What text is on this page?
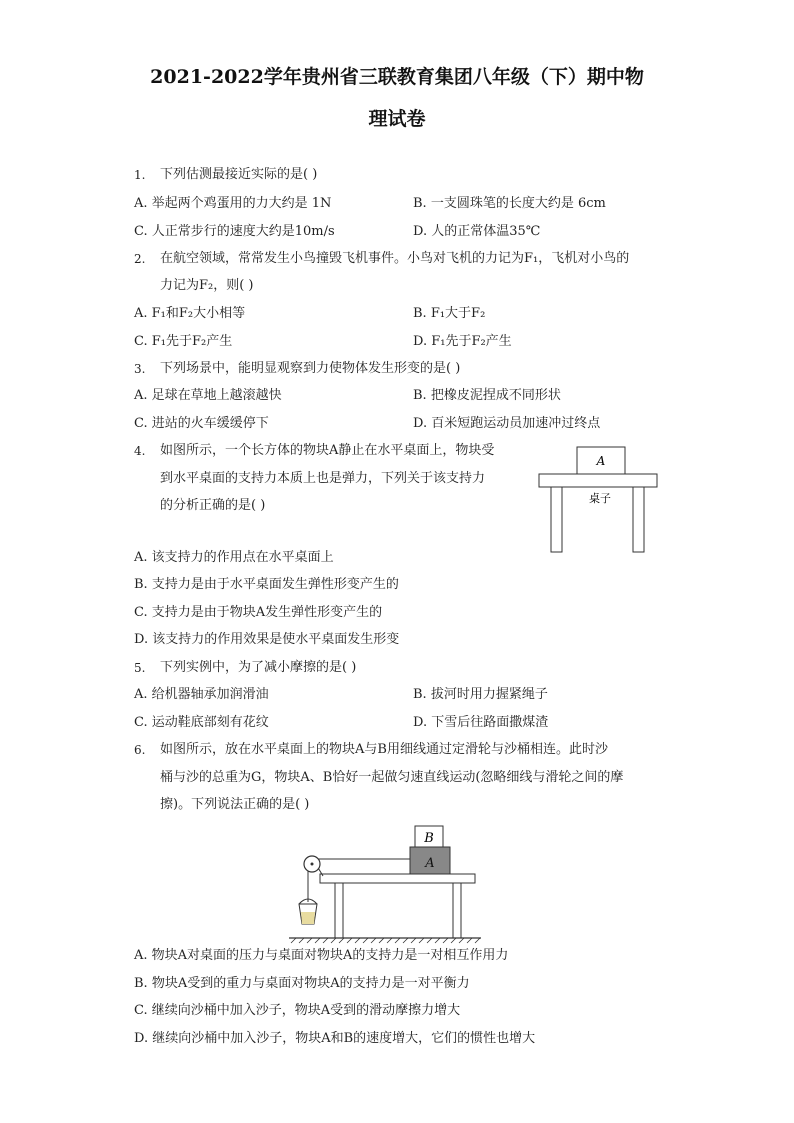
2021-2022学年贵州省三联教育集团八年级（下）期中物
理试卷
1. 下列估测最接近实际的是( )
A. 举起两个鸡蛋用的力大约是 1N	B. 一支圆珠笔的长度大约是 6cm
C. 人正常步行的速度大约是10m/s	D. 人的正常体温35℃
2. 在航空领域，常常发生小鸟撞毁飞机事件。小鸟对飞机的力记为F₁，飞机对小鸟的
力记为F₂，则( )
A. F₁和F₂大小相等	B. F₁大于F₂
C. F₁先于F₂产生	D. F₁先于F₂产生
3. 下列场景中，能明显观察到力使物体发生形变的是( )
A. 足球在草地上越滚越快	B. 把橡皮泥捏成不同形状
C. 进站的火车缓缓停下	D. 百米短跑运动员加速冲过终点
4. 如图所示，一个长方体的物块A静止在水平桌面上，物块受
到水平桌面的支持力本质上也是弹力，下列关于该支持力
的分析正确的是( )
A
桌子
A. 该支持力的作用点在水平桌面上
B. 支持力是由于水平桌面发生弹性形变产生的
C. 支持力是由于物块A发生弹性形变产生的
D. 该支持力的作用效果是使水平桌面发生形变
5. 下列实例中，为了减小摩擦的是( )
A. 给机器轴承加润滑油	B. 拔河时用力握紧绳子
C. 运动鞋底部刻有花纹	D. 下雪后往路面撒煤渣
6. 如图所示，放在水平桌面上的物块A与B用细线通过定滑轮与沙桶相连。此时沙
桶与沙的总重为G，物块A、B恰好一起做匀速直线运动(忽略细线与滑轮之间的摩
擦)。下列说法正确的是( )
B
A
A. 物块A对桌面的压力与桌面对物块A的支持力是一对相互作用力
B. 物块A受到的重力与桌面对物块A的支持力是一对平衡力
C. 继续向沙桶中加入沙子，物块A受到的滑动摩擦力增大
D. 继续向沙桶中加入沙子，物块A和B的速度增大，它们的惯性也增大
